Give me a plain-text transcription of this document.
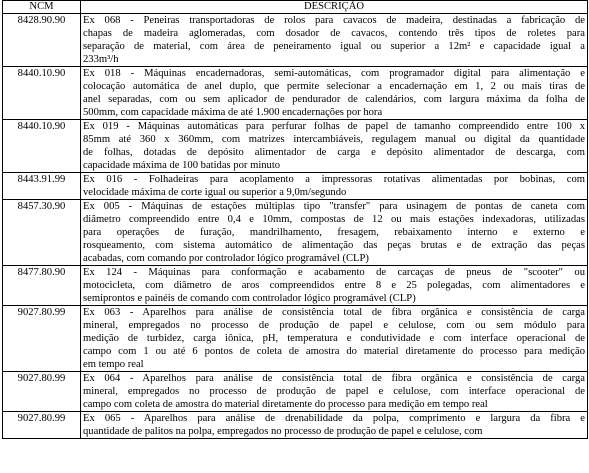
NCM	DESCRIÇÃO
8428.90.90	Ex 068 - Peneiras transportadoras de rolos para cavacos de madeira, destinadas a fabricação de
chapas de madeira aglomeradas, com dosador de cavacos, contendo três tipos de roletes para
separação de material, com área de peneiramento igual ou superior a 12m² e capacidade igual a
233m³/h

8440.10.90	Ex 018 - Máquinas encadernadoras, semi-automáticas, com programador digital para alimentação e
colocação automática de anel duplo, que permite selecionar a encadernação em 1, 2 ou mais tiras de
anel separadas, com ou sem aplicador de pendurador de calendários, com largura máxima da folha de
500mm, com capacidade máxima de até 1.900 encadernações por hora

8440.10.90	Ex 019 - Máquinas automáticas para perfurar folhas de papel de tamanho compreendido entre 100 x
85mm até 360 x 360mm, com matrizes intercambiáveis, regulagem manual ou digital da quantidade
de folhas, dotadas de depósito alimentador de carga e depósito alimentador de descarga, com
capacidade máxima de 100 batidas por minuto

8443.91.99	Ex 016 - Folhadeiras para acoplamento a impressoras rotativas alimentadas por bobinas, com
velocidade máxima de corte igual ou superior a 9,0m/segundo

8457.30.90	Ex 005 - Máquinas de estações múltiplas tipo "transfer" para usinagem de pontas de caneta com
diâmetro compreendido entre 0,4 e 10mm, compostas de 12 ou mais estações indexadoras, utilizadas
para operações de furação, mandrilhamento, fresagem, rebaixamento interno e externo e
rosqueamento, com sistema automático de alimentação das peças brutas e de extração das peças
acabadas, com comando por controlador lógico programável (CLP)

8477.80.90	Ex 124 - Máquinas para conformação e acabamento de carcaças de pneus de "scooter" ou
motocicleta, com diâmetro de aros compreendidos entre 8 e 25 polegadas, com alimentadores e
semiprontos e painéis de comando com controlador lógico programável (CLP)

9027.80.99	Ex 063 - Aparelhos para análise de consistência total de fibra orgânica e consistência de carga
mineral, empregados no processo de produção de papel e celulose, com ou sem módulo para
medição de turbidez, carga iônica, pH, temperatura e condutividade e com interface operacional de
campo com 1 ou até 6 pontos de coleta de amostra do material diretamente do processo para medição
em tempo real

9027.80.99	Ex 064 - Aparelhos para análise de consistência total de fibra orgânica e consistência de carga
mineral, empregados no processo de produção de papel e celulose, com interface operacional de
campo com coleta de amostra do material diretamente do processo para medição em tempo real

9027.80.99	Ex 065 - Aparelhos para análise de drenabilidade da polpa, comprimento e largura da fibra e
quantidade de palitos na polpa, empregados no processo de produção de papel e celulose, com
